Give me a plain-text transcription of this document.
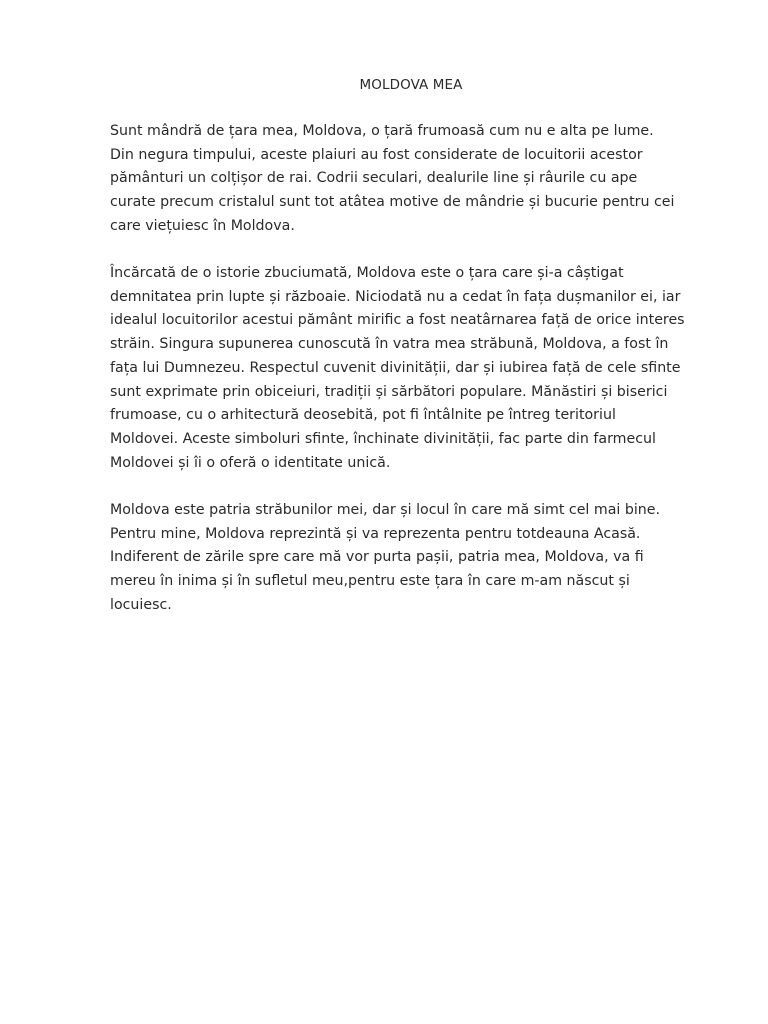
MOLDOVA MEA

Sunt mândră de țara mea, Moldova, o țară frumoasă cum nu e alta pe lume.
Din negura timpului, aceste plaiuri au fost considerate de locuitorii acestor
pământuri un colțișor de rai. Codrii seculari, dealurile line și râurile cu ape
curate precum cristalul sunt tot atâtea motive de mândrie și bucurie pentru cei
care viețuiesc în Moldova.

Încărcată de o istorie zbuciumată, Moldova este o țara care și-a câștigat
demnitatea prin lupte și războaie. Niciodată nu a cedat în fața dușmanilor ei, iar
idealul locuitorilor acestui pământ mirific a fost neatârnarea față de orice interes
străin. Singura supunerea cunoscută în vatra mea străbună, Moldova, a fost în
fața lui Dumnezeu. Respectul cuvenit divinității, dar și iubirea față de cele sfinte
sunt exprimate prin obiceiuri, tradiții și sărbători populare. Mănăstiri și biserici
frumoase, cu o arhitectură deosebită, pot fi întâlnite pe întreg teritoriul
Moldovei. Aceste simboluri sfinte, închinate divinității, fac parte din farmecul
Moldovei și îi o oferă o identitate unică.

Moldova este patria străbunilor mei, dar și locul în care mă simt cel mai bine.
Pentru mine, Moldova reprezintă și va reprezenta pentru totdeauna Acasă.
Indiferent de zările spre care mă vor purta pașii, patria mea, Moldova, va fi
mereu în inima și în sufletul meu,pentru este țara în care m-am născut și
locuiesc.
